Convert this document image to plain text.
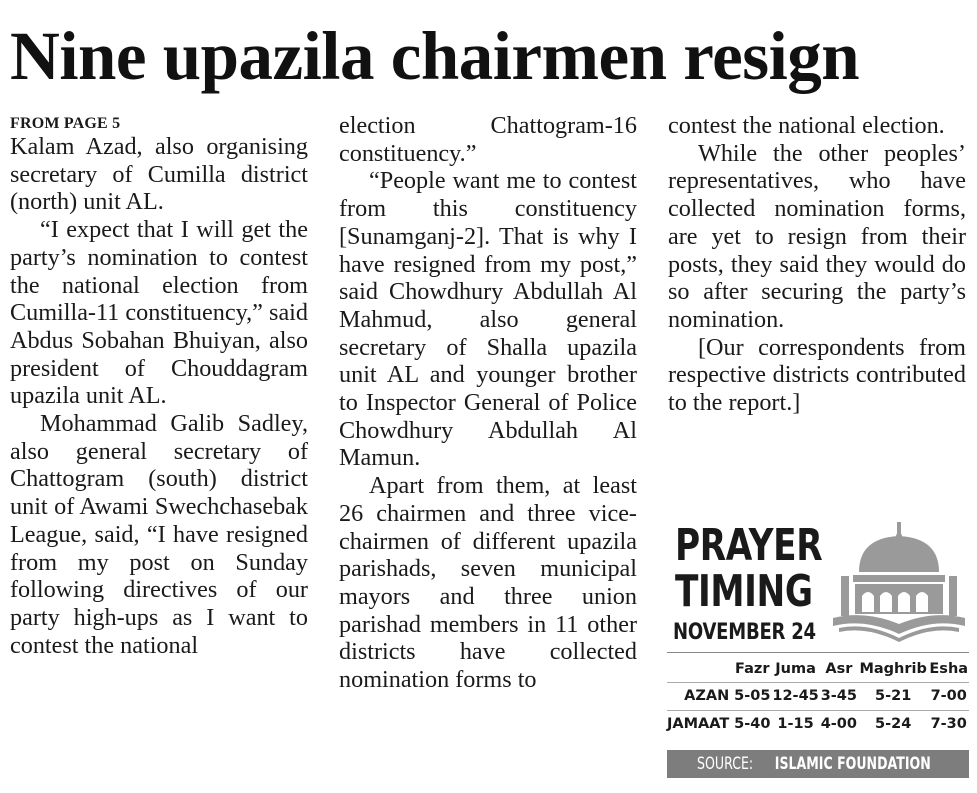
Nine upazila chairmen resign
FROM PAGE 5

Kalam Azad, also organising secretary of Cumilla district (north) unit AL.

“I expect that I will get the party’s nomination to contest the national election from Cumilla-11 constituency,” said Abdus Sobahan Bhuiyan, also president of Chouddagram upazila unit AL.

Mohammad Galib Sadley, also general secretary of Chattogram (south) district unit of Awami Swechchasebak League, said, “I have resigned from my post on Sunday following directives of our party high-ups as I want to contest the national

election Chattogram-16 constituency.”

“People want me to contest from this constituency [Sunamganj-2]. That is why I have resigned from my post,” said Chowdhury Abdullah Al Mahmud, also general secretary of Shalla upazila unit AL and younger brother to Inspector General of Police Chowdhury Abdullah Al Mamun.

Apart from them, at least 26 chairmen and three vice-chairmen of different upazila parishads, seven municipal mayors and three union parishad members in 11 other districts have collected nomination forms to

contest the national election.

While the other peoples’ representatives, who have collected nomination forms, are yet to resign from their posts, they said they would do so after securing the party’s nomination.

[Our correspondents from respective districts contributed to the report.]

PRAYER
TIMING
NOVEMBER 24
	Fazr	Juma	Asr	Maghrib	Esha
AZAN	5-05	12-45	3-45	5-21	7-00
JAMAAT	5-40	1-15	4-00	5-24	7-30
SOURCE: ISLAMIC FOUNDATION
